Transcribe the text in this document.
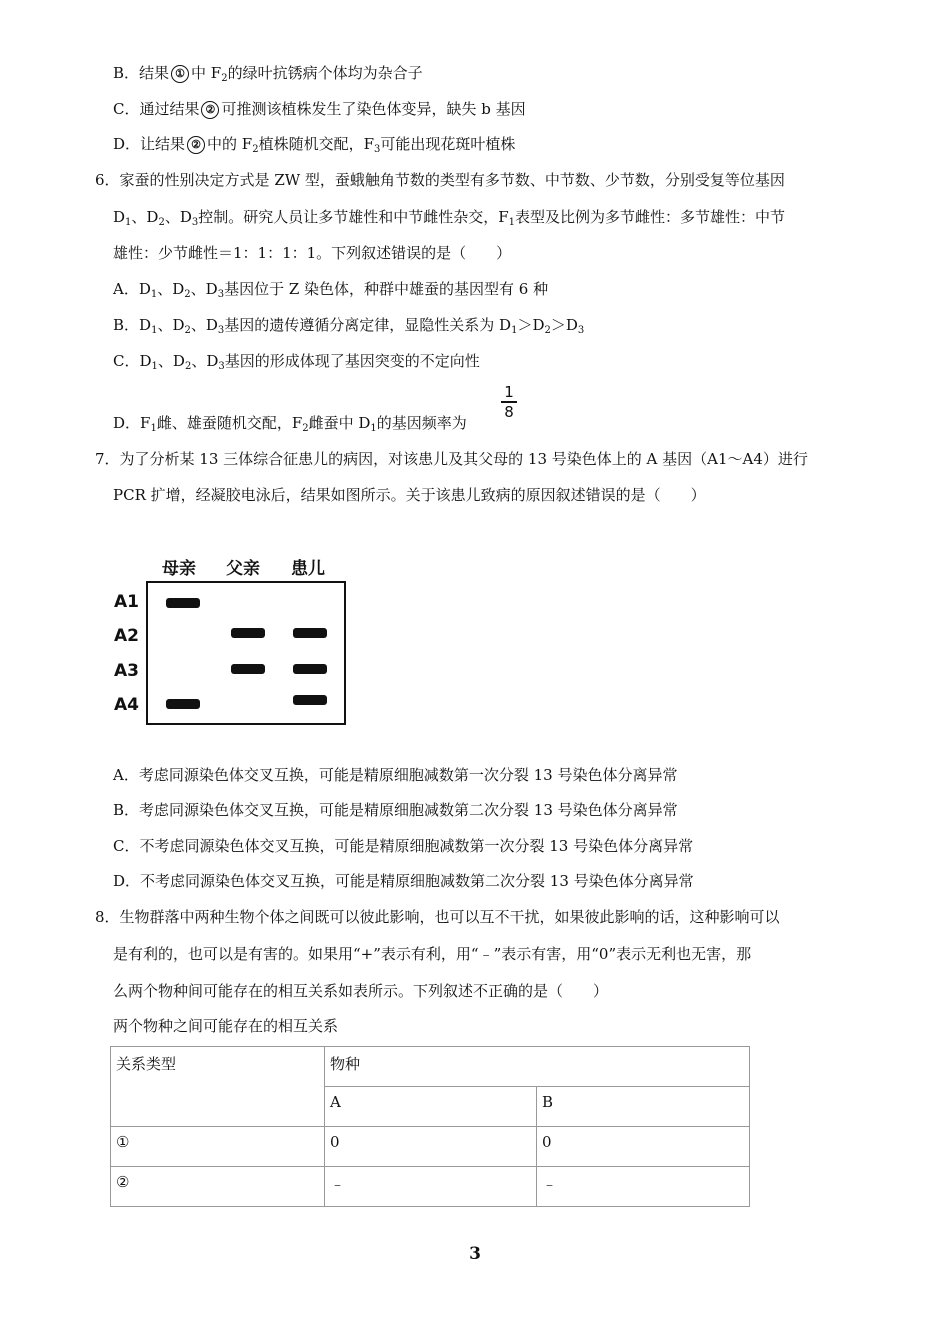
B．结果 ① 中 $F_2$的绿叶抗锈病个体均为杂合子
C．通过结果 ② 可推测该植株发生了染色体变异，缺失 b 基因
D．让结果 ② 中的 $F_2$植株随机交配，$F_3$可能出现花斑叶植株
6．家蚕的性别决定方式是 ZW 型，蚕蛾触角节数的类型有多节数、中节数、少节数，分别受复等位基因
$D_1$、$D_2$、$D_3$控制。研究人员让多节雄性和中节雌性杂交，$F_1$表型及比例为多节雌性：多节雄性：中节
雄性：少节雌性＝1：1：1：1。下列叙述错误的是（　　）
A．$D_1$、$D_2$、$D_3$基因位于 Z 染色体，种群中雄蚕的基因型有 6 种
B．$D_1$、$D_2$、$D_3$基因的遗传遵循分离定律，显隐性关系为 $D_1>D_2>D_3$
C．$D_1$、$D_2$、$D_3$基因的形成体现了基因突变的不定向性
D．$F_1$雌、雄蚕随机交配，$F_2$雌蚕中 $D_1$的基因频率为
1
8
7．为了分析某 13 三体综合征患儿的病因，对该患儿及其父母的 13 号染色体上的 A 基因（A1～A4）进行
PCR 扩增，经凝胶电泳后，结果如图所示。关于该患儿致病的原因叙述错误的是（　　）
母亲 父亲 患儿
A1
A2
A3
A4
A．考虑同源染色体交叉互换，可能是精原细胞减数第一次分裂 13 号染色体分离异常
B．考虑同源染色体交叉互换，可能是精原细胞减数第二次分裂 13 号染色体分离异常
C．不考虑同源染色体交叉互换，可能是精原细胞减数第一次分裂 13 号染色体分离异常
D．不考虑同源染色体交叉互换，可能是精原细胞减数第二次分裂 13 号染色体分离异常
8．生物群落中两种生物个体之间既可以彼此影响，也可以互不干扰，如果彼此影响的话，这种影响可以
是有利的，也可以是有害的。如果用“+”表示有利，用“﹣”表示有害，用“0”表示无利也无害，那
么两个物种间可能存在的相互关系如表所示。下列叙述不正确的是（　　）
两个物种之间可能存在的相互关系
关系类型	物种	
	A	B
①	0	0
②	﹣	﹣
3
